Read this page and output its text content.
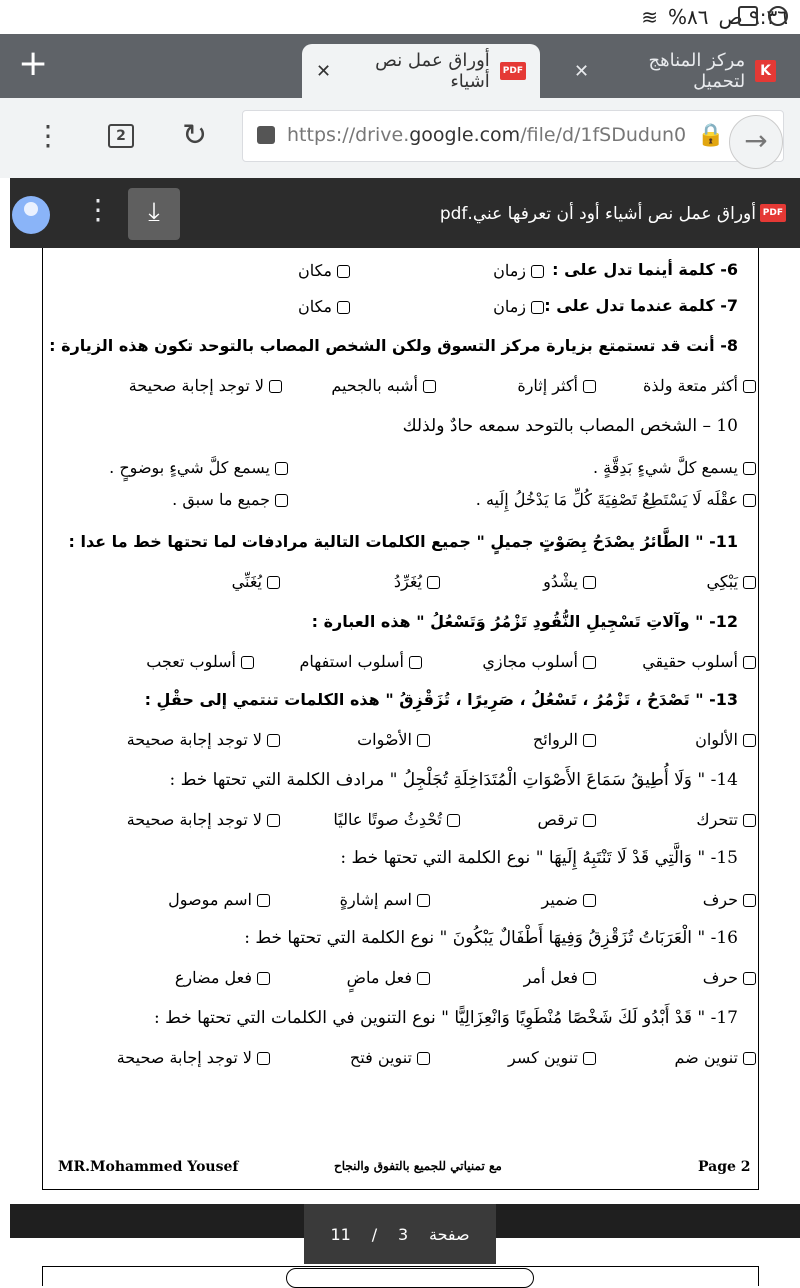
٩:٣٦ ص
٨٦%
≋
+	PDF
أوراق عمل نص أشياء
✕	K
مركز المناهج لتحميل
✕
⋮	2 ↻	https://drive.google.com/file/d/1fSDudun0 🔒 →
6- كلمة أينما تدل على :
زمان
مكان
7- كلمة عندما تدل على :
زمان
مكان
8- أنت قد تستمتع بزيارة مركز التسوق ولكن الشخص المصاب بالتوحد تكون هذه الزيارة :
أكثر متعة ولذة
أكثر إثارة
أشبه بالجحيم
لا توجد إجابة صحيحة
10 – الشخص المصاب بالتوحد سمعه حادٌ ولذلك
يسمع كلَّ شيءٍ بَدِقَّةٍ .
يسمع كلَّ شيءٍ بوضوحٍ .
عقْلَه لَا يَسْتَطِعُ تَصْفِيَةَ كُلِّ مَا يَدْخُلُ إِلَيه .
جميع ما سبق .
11- " الطَّائرُ يصْدَحُ بِصَوْتٍ جميلٍ " جميع الكلمات التالية مرادفات لما تحتها خط ما عدا :
يَبْكِي
يشْدُو
يُغَرِّدُ
يُغَنِّي
12- " وآلاتِ تَسْجِيلِ النُّقُودِ تَزْمُرُ وَتَسْعُلُ " هذه العبارة :
أسلوب حقيقي
أسلوب مجازي
أسلوب استفهام
أسلوب تعجب
13- " تَصْدَحُ ، تَزْمُرُ ، تَسْعُلُ ، صَرِيرًا ، تُزَقْزِقُ " هذه الكلمات تنتمي إلى حقْلِ :
الألوان
الروائح
الأصْوات
لا توجد إجابة صحيحة
14- " وَلَا أُطِيقُ سَمَاعَ الأَصْوَاتِ الْمُتَدَاخِلَةِ تُجَلْجِلُ " مرادف الكلمة التي تحتها خط :
تتحرك
ترقص
تُحْدِثُ صوتًا عاليًا
لا توجد إجابة صحيحة
15- " وَالَّتِي قَدْ لَا تَنْتَبِهُ إِلَيهَا " نوع الكلمة التي تحتها خط :
حرف
ضمير
اسم إشارةٍ
اسم موصول
16- " الْعَرَبَاتُ تُزَقْزِقُ وَفِيهَا أَطْفَالٌ يَبْكُونَ " نوع الكلمة التي تحتها خط :
حرف
فعل أمر
فعل ماضٍ
فعل مضارع
17- " قَدْ أَبْدُو لَكَ شَخْصًا مُنْطَوِيًا وَانْعِزَالِيًّا " نوع التنوين في الكلمات التي تحتها خط :
تنوين ضم
تنوين كسر
تنوين فتح
لا توجد إجابة صحيحة
MR.Mohammed Yousef	مع تمنياتي للجميع بالتفوق والنجاح	Page 2
⋮	⤓	أوراق عمل نص أشياء أود أن تعرفها عني.pdf PDF
صفحة
3
/
11
